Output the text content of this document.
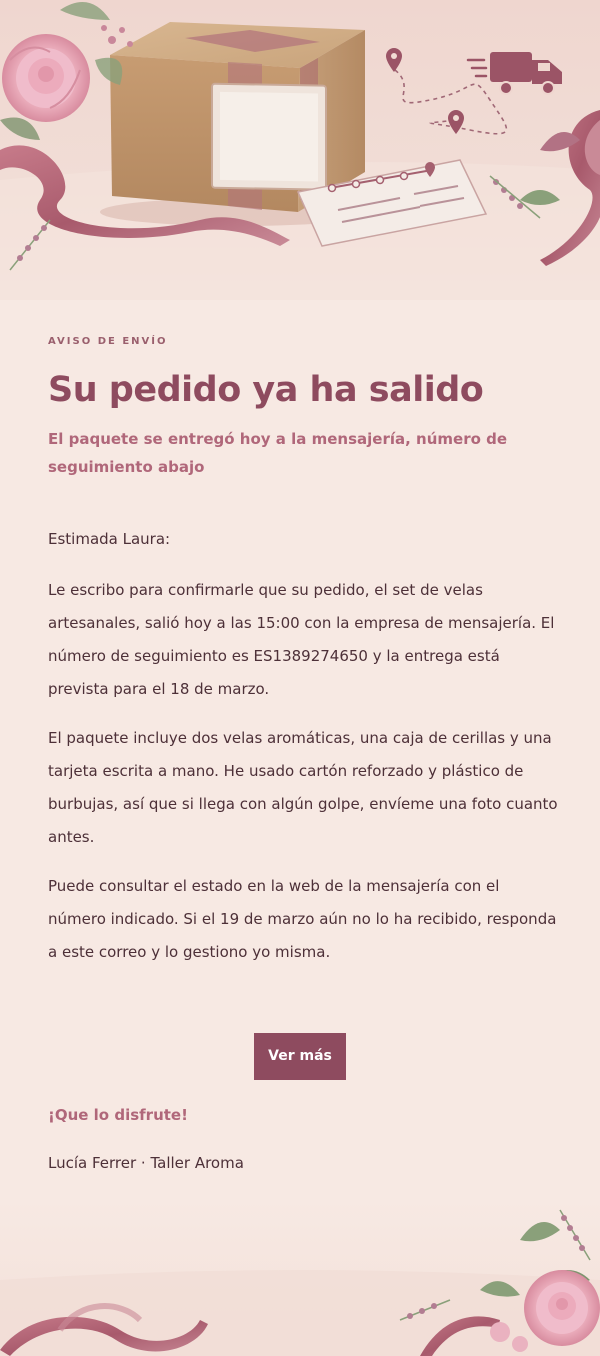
AVISO DE ENVÍO
Su pedido ya ha salido
El paquete se entregó hoy a la mensajería, número de seguimiento abajo

Estimada Laura:

Le escribo para confirmarle que su pedido, el set de velas artesanales, salió hoy a las 15:00 con la empresa de mensajería. El número de seguimiento es ES1389274650 y la entrega está prevista para el 18 de marzo.

El paquete incluye dos velas aromáticas, una caja de cerillas y una tarjeta escrita a mano. He usado cartón reforzado y plástico de burbujas, así que si llega con algún golpe, envíeme una foto cuanto antes.

Puede consultar el estado en la web de la mensajería con el número indicado. Si el 19 de marzo aún no lo ha recibido, responda a este correo y lo gestiono yo misma.

Ver más
¡Que lo disfrute!
Lucía Ferrer · Taller Aroma
